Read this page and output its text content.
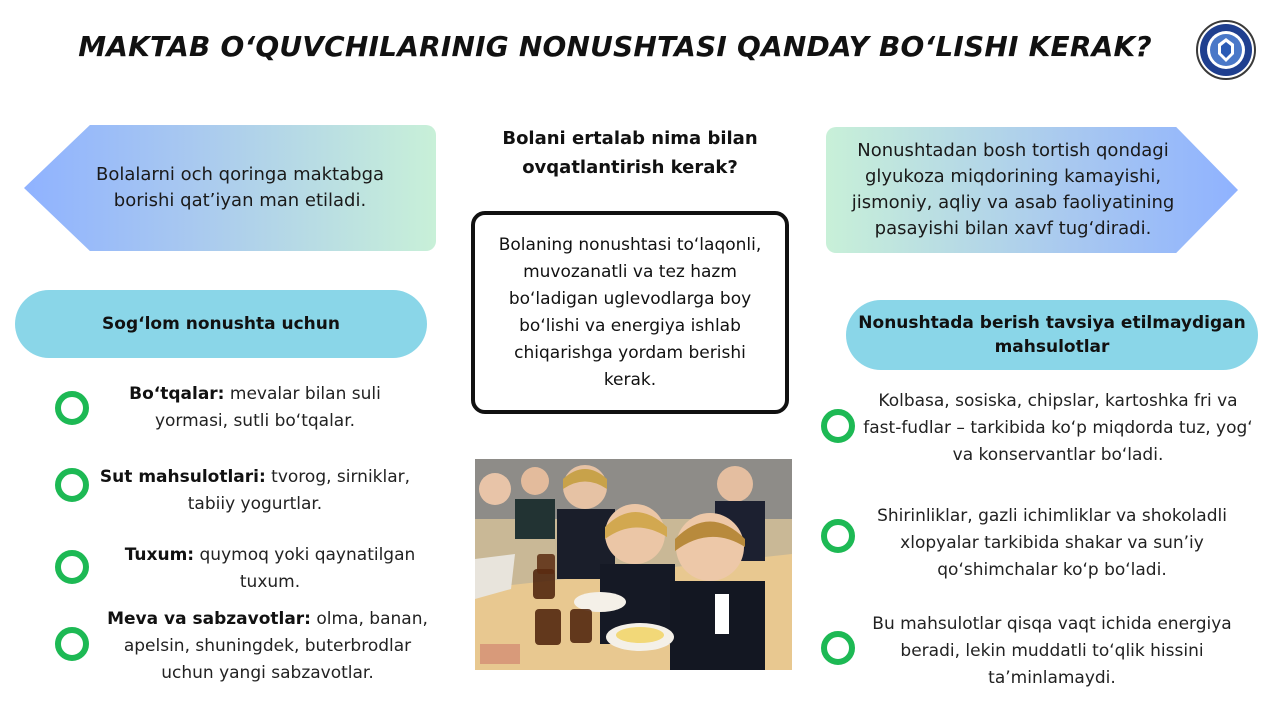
MAKTAB O‘QUVCHILARINIG NONUSHTASI QANDAY BO‘LISHI KERAK?
Bolalarni och qoringa maktabga borishi qat’iyan man etiladi.
Nonushtadan bosh tortish qondagi glyukoza miqdorining kamayishi, jismoniy, aqliy va asab faoliyatining pasayishi bilan xavf tug‘diradi.
Bolani ertalab nima bilan ovqatlantirish kerak?
Bolaning nonushtasi to‘laqonli, muvozanatli va tez hazm bo‘ladigan uglevodlarga boy bo‘lishi va energiya ishlab chiqarishga yordam berishi kerak.
Sog‘lom nonushta uchun	Nonushtada berish tavsiya etilmaydigan mahsulotlar
Bo‘tqalar: mevalar bilan suli yormasi, sutli bo‘tqalar.
Sut mahsulotlari: tvorog, sirniklar, tabiiy yogurtlar.
Tuxum: quymoq yoki qaynatilgan tuxum.
Meva va sabzavotlar: olma, banan, apelsin, shuningdek, buterbrodlar uchun yangi sabzavotlar.
Kolbasa, sosiska, chipslar, kartoshka fri va fast-fudlar – tarkibida ko‘p miqdorda tuz, yog‘ va konservantlar bo‘ladi.
Shirinliklar, gazli ichimliklar va shokoladli xlopyalar tarkibida shakar va sun’iy qo‘shimchalar ko‘p bo‘ladi.
Bu mahsulotlar qisqa vaqt ichida energiya beradi, lekin muddatli to‘qlik hissini ta’minlamaydi.
